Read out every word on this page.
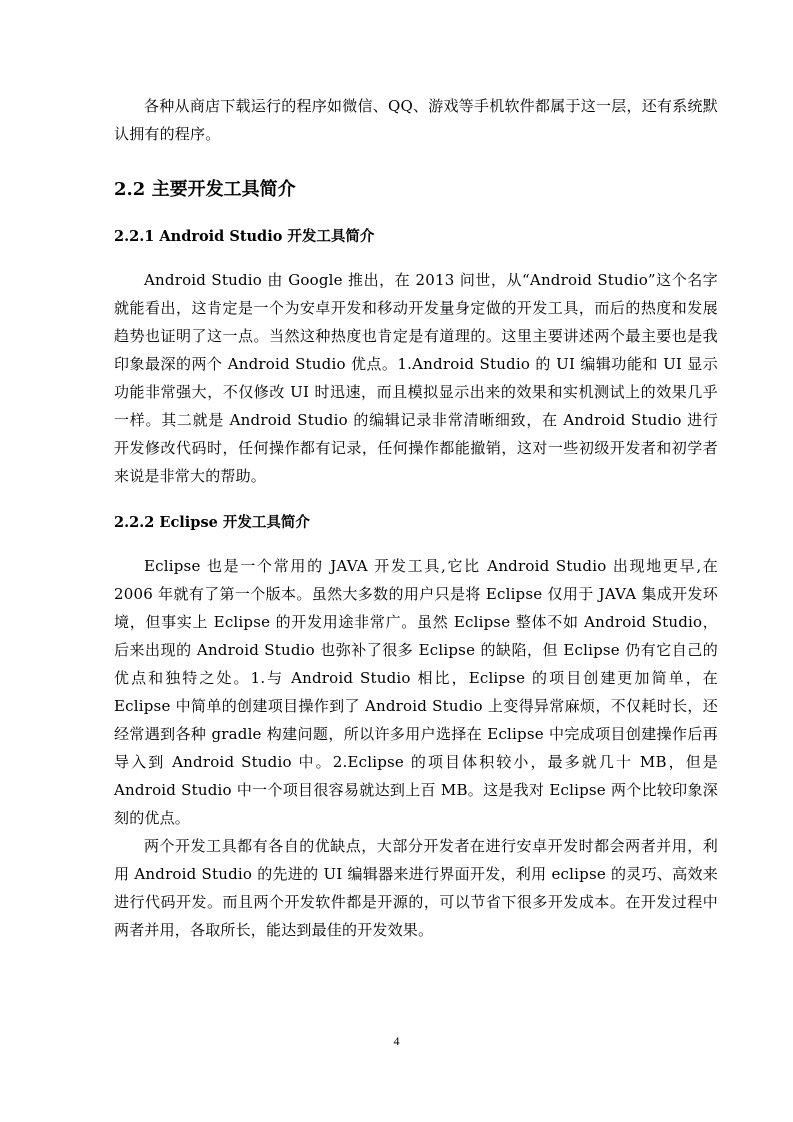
各种从商店下载运行的程序如微信、QQ、游戏等手机软件都属于这一层，还有系统默认拥有的程序。

2.2 主要开发工具简介
2.2.1 Android Studio 开发工具简介

Android Studio 由 Google 推出，在 2013 问世，从“Android Studio”这个名字就能看出，这肯定是一个为安卓开发和移动开发量身定做的开发工具，而后的热度和发展趋势也证明了这一点。当然这种热度也肯定是有道理的。这里主要讲述两个最主要也是我印象最深的两个 Android Studio 优点。1.Android Studio 的 UI 编辑功能和 UI 显示功能非常强大，不仅修改 UI 时迅速，而且模拟显示出来的效果和实机测试上的效果几乎一样。其二就是 Android Studio 的编辑记录非常清晰细致，在 Android Studio 进行开发修改代码时，任何操作都有记录，任何操作都能撤销，这对一些初级开发者和初学者来说是非常大的帮助。

2.2.2 Eclipse 开发工具简介

Eclipse 也是一个常用的 JAVA 开发工具,它比 Android Studio 出现地更早,在 2006 年就有了第一个版本。虽然大多数的用户只是将 Eclipse 仅用于 JAVA 集成开发环境，但事实上 Eclipse 的开发用途非常广。虽然 Eclipse 整体不如 Android Studio，后来出现的 Android Studio 也弥补了很多 Eclipse 的缺陷，但 Eclipse 仍有它自己的优点和独特之处。1.与 Android Studio 相比，Eclipse 的项目创建更加简单，在 Eclipse 中简单的创建项目操作到了 Android Studio 上变得异常麻烦，不仅耗时长，还经常遇到各种 gradle 构建问题，所以许多用户选择在 Eclipse 中完成项目创建操作后再导入到 Android Studio 中。2.Eclipse 的项目体积较小，最多就几十 MB，但是 Android Studio 中一个项目很容易就达到上百 MB。这是我对 Eclipse 两个比较印象深刻的优点。

两个开发工具都有各自的优缺点，大部分开发者在进行安卓开发时都会两者并用，利用 Android Studio 的先进的 UI 编辑器来进行界面开发，利用 eclipse 的灵巧、高效来进行代码开发。而且两个开发软件都是开源的，可以节省下很多开发成本。在开发过程中两者并用，各取所长，能达到最佳的开发效果。

4
